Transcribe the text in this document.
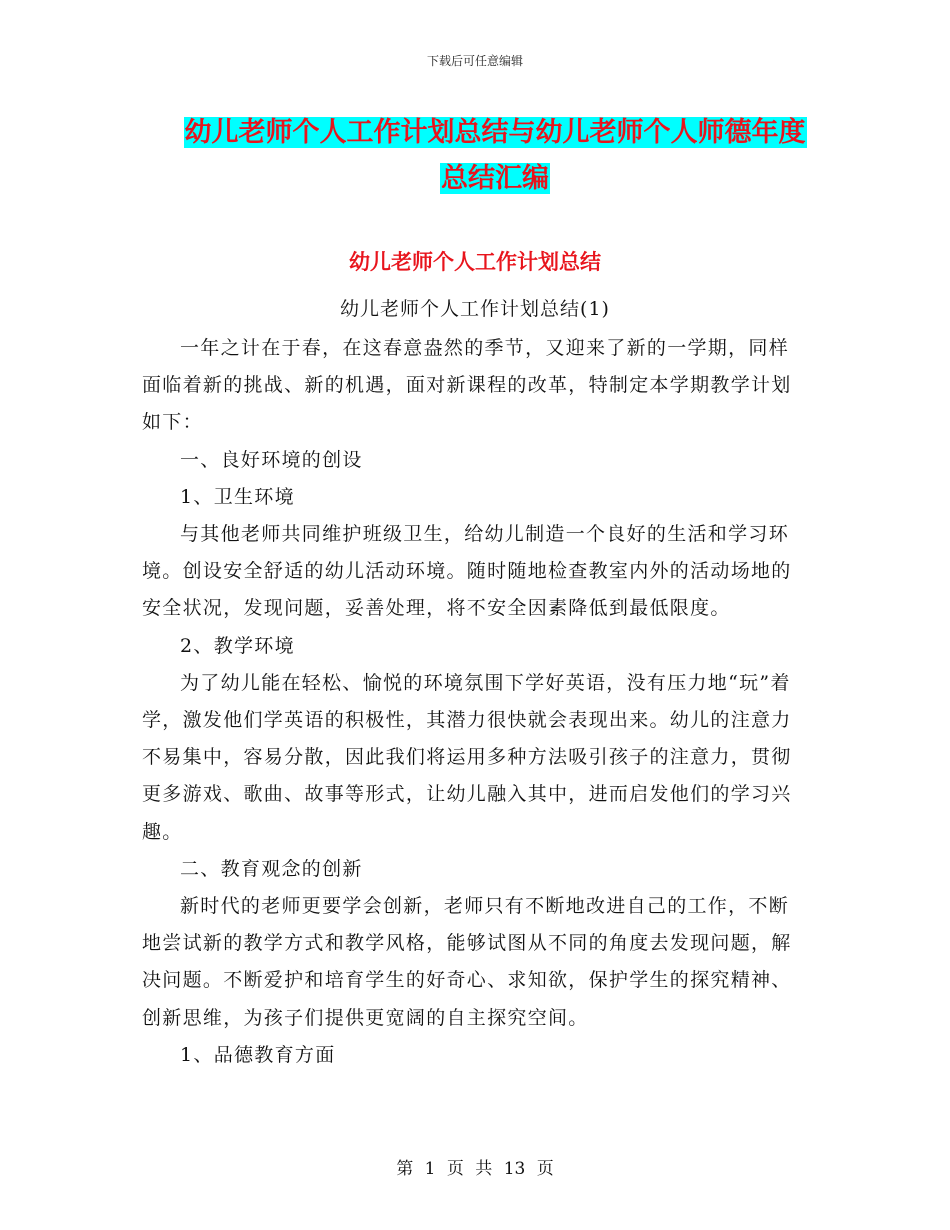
下载后可任意编辑
幼儿老师个人工作计划总结与幼儿老师个人师德年度
总结汇编
幼儿老师个人工作计划总结
幼儿老师个人工作计划总结(1)

一年之计在于春，在这春意盎然的季节，又迎来了新的一学期，同样面临着新的挑战、新的机遇，面对新课程的改革，特制定本学期教学计划如下：

一、良好环境的创设

1、卫生环境

与其他老师共同维护班级卫生，给幼儿制造一个良好的生活和学习环境。创设安全舒适的幼儿活动环境。随时随地检查教室内外的活动场地的安全状况，发现问题，妥善处理，将不安全因素降低到最低限度。

2、教学环境

为了幼儿能在轻松、愉悦的环境氛围下学好英语，没有压力地“玩”着学，激发他们学英语的积极性，其潜力很快就会表现出来。幼儿的注意力不易集中，容易分散，因此我们将运用多种方法吸引孩子的注意力，贯彻更多游戏、歌曲、故事等形式，让幼儿融入其中，进而启发他们的学习兴趣。

二、教育观念的创新

新时代的老师更要学会创新，老师只有不断地改进自己的工作，不断地尝试新的教学方式和教学风格，能够试图从不同的角度去发现问题，解决问题。不断爱护和培育学生的好奇心、求知欲，保护学生的探究精神、创新思维，为孩子们提供更宽阔的自主探究空间。

1、品德教育方面

第 1 页 共 13 页
